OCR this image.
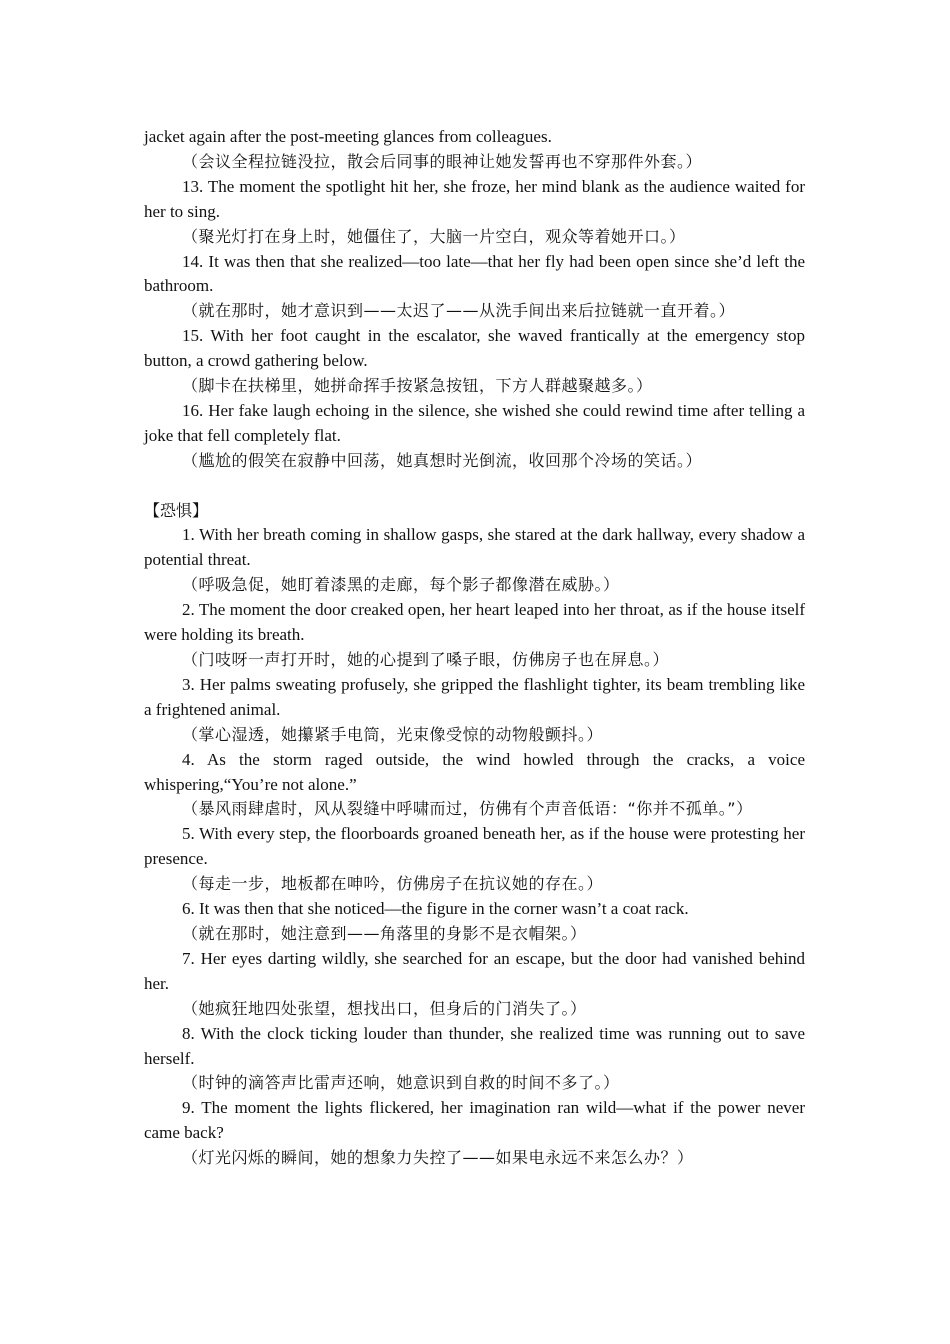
jacket again after the post-meeting glances from colleagues.

（会议全程拉链没拉，散会后同事的眼神让她发誓再也不穿那件外套。）

13. The moment the spotlight hit her, she froze, her mind blank as the audience waited for her to sing.

（聚光灯打在身上时，她僵住了，大脑一片空白，观众等着她开口。）

14. It was then that she realized—too late—that her fly had been open since she’d left the bathroom.

（就在那时，她才意识到——太迟了——从洗手间出来后拉链就一直开着。）

15. With her foot caught in the escalator, she waved frantically at the emergency stop button, a crowd gathering below.

（脚卡在扶梯里，她拼命挥手按紧急按钮，下方人群越聚越多。）

16. Her fake laugh echoing in the silence, she wished she could rewind time after telling a joke that fell completely flat.

（尴尬的假笑在寂静中回荡，她真想时光倒流，收回那个冷场的笑话。）

【恐惧】

1. With her breath coming in shallow gasps, she stared at the dark hallway, every shadow a potential threat.

（呼吸急促，她盯着漆黑的走廊，每个影子都像潜在威胁。）

2. The moment the door creaked open, her heart leaped into her throat, as if the house itself were holding its breath.

（门吱呀一声打开时，她的心提到了嗓子眼，仿佛房子也在屏息。）

3. Her palms sweating profusely, she gripped the flashlight tighter, its beam trembling like a frightened animal.

（掌心湿透，她攥紧手电筒，光束像受惊的动物般颤抖。）

4. As the storm raged outside, the wind howled through the cracks, a voice whispering,“You’re not alone.”

（暴风雨肆虐时，风从裂缝中呼啸而过，仿佛有个声音低语：“你并不孤单。”）

5. With every step, the floorboards groaned beneath her, as if the house were protesting her presence.

（每走一步，地板都在呻吟，仿佛房子在抗议她的存在。）

6. It was then that she noticed—the figure in the corner wasn’t a coat rack.

（就在那时，她注意到——角落里的身影不是衣帽架。）

7. Her eyes darting wildly, she searched for an escape, but the door had vanished behind her.

（她疯狂地四处张望，想找出口，但身后的门消失了。）

8. With the clock ticking louder than thunder, she realized time was running out to save herself.

（时钟的滴答声比雷声还响，她意识到自救的时间不多了。）

9. The moment the lights flickered, her imagination ran wild—what if the power never came back?

（灯光闪烁的瞬间，她的想象力失控了——如果电永远不来怎么办？）
